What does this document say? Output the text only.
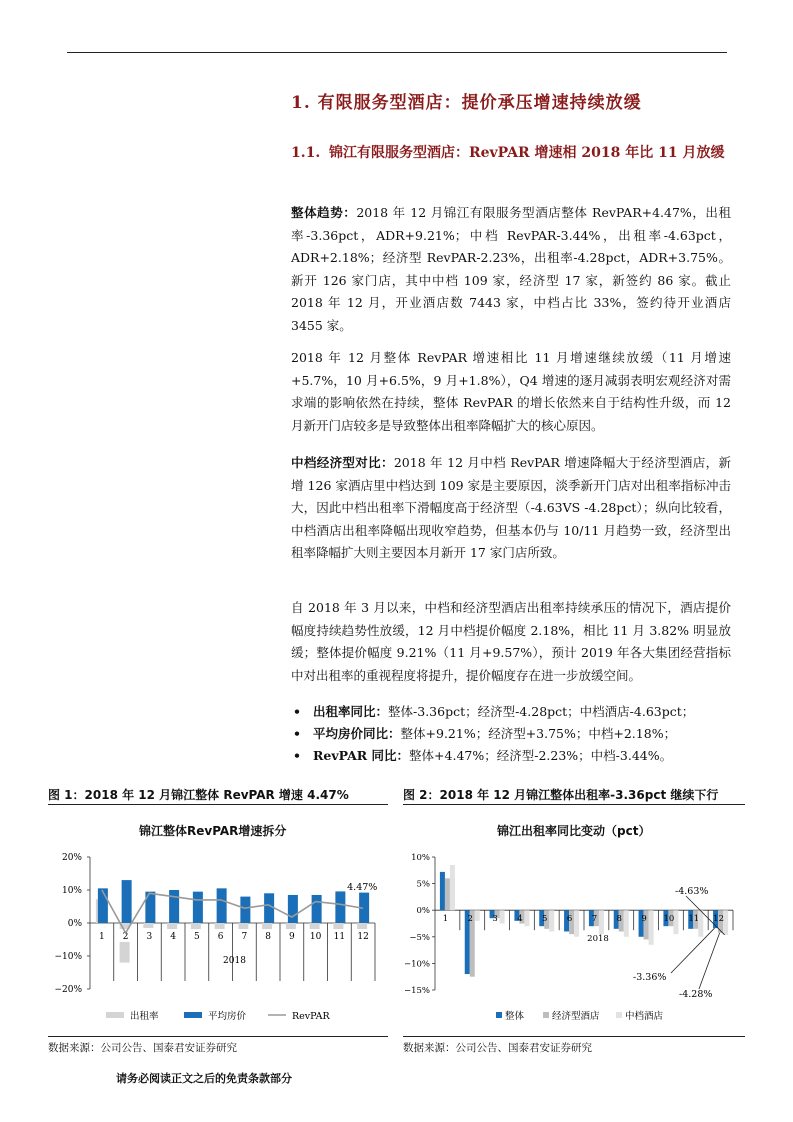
1. 有限服务型酒店：提价承压增速持续放缓
1.1. 锦江有限服务型酒店：RevPAR 增速相 2018 年比 11 月放缓

整体趋势：2018 年 12 月锦江有限服务型酒店整体 RevPAR+4.47%，出租率-3.36pct，ADR+9.21%；中档 RevPAR-3.44%，出租率-4.63pct，ADR+2.18%；经济型 RevPAR-2.23%，出租率-4.28pct，ADR+3.75%。新开 126 家门店，其中中档 109 家，经济型 17 家，新签约 86 家。截止 2018 年 12 月，开业酒店数 7443 家，中档占比 33%，签约待开业酒店 3455 家。

2018 年 12 月整体 RevPAR 增速相比 11 月增速继续放缓（11 月增速+5.7%，10 月+6.5%，9 月+1.8%），Q4 增速的逐月减弱表明宏观经济对需求端的影响依然在持续，整体 RevPAR 的增长依然来自于结构性升级，而 12 月新开门店较多是导致整体出租率降幅扩大的核心原因。

中档经济型对比：2018 年 12 月中档 RevPAR 增速降幅大于经济型酒店，新增 126 家酒店里中档达到 109 家是主要原因，淡季新开门店对出租率指标冲击大，因此中档出租率下滑幅度高于经济型（-4.63VS -4.28pct）；纵向比较看，中档酒店出租率降幅出现收窄趋势，但基本仍与 10/11 月趋势一致，经济型出租率降幅扩大则主要因本月新开 17 家门店所致。

自 2018 年 3 月以来，中档和经济型酒店出租率持续承压的情况下，酒店提价幅度持续趋势性放缓，12 月中档提价幅度 2.18%，相比 11 月 3.82% 明显放缓；整体提价幅度 9.21%（11 月+9.57%），预计 2019 年各大集团经营指标中对出租率的重视程度将提升，提价幅度存在进一步放缓空间。

• 出租率同比：整体-3.36pct；经济型-4.28pct；中档酒店-4.63pct；
• 平均房价同比：整体+9.21%；经济型+3.75%；中档+2.18%；
• RevPAR 同比：整体+4.47%；经济型-2.23%；中档-3.44%。
图 1：2018 年 12 月锦江整体 RevPAR 增速 4.47%	图 2：2018 年 12 月锦江整体出租率-3.36pct 继续下行
锦江整体RevPAR增速拆分	锦江出租率同比变动（pct）
20%
10%
0%
−10%
−20%
1 2 3 4 5 6 7 8 9 10 11 12
4.47%
2018
出租率	平均房价	RevPAR
10%
5%
0%
−5%
−10%
−15%
1 2 3 4 5 6 7 8 9 10 11 12
2018
-4.63%
-3.36%
-4.28%
整体	经济型酒店	中档酒店
数据来源：公司公告、国泰君安证券研究	数据来源：公司公告、国泰君安证券研究
请务必阅读正文之后的免责条款部分
